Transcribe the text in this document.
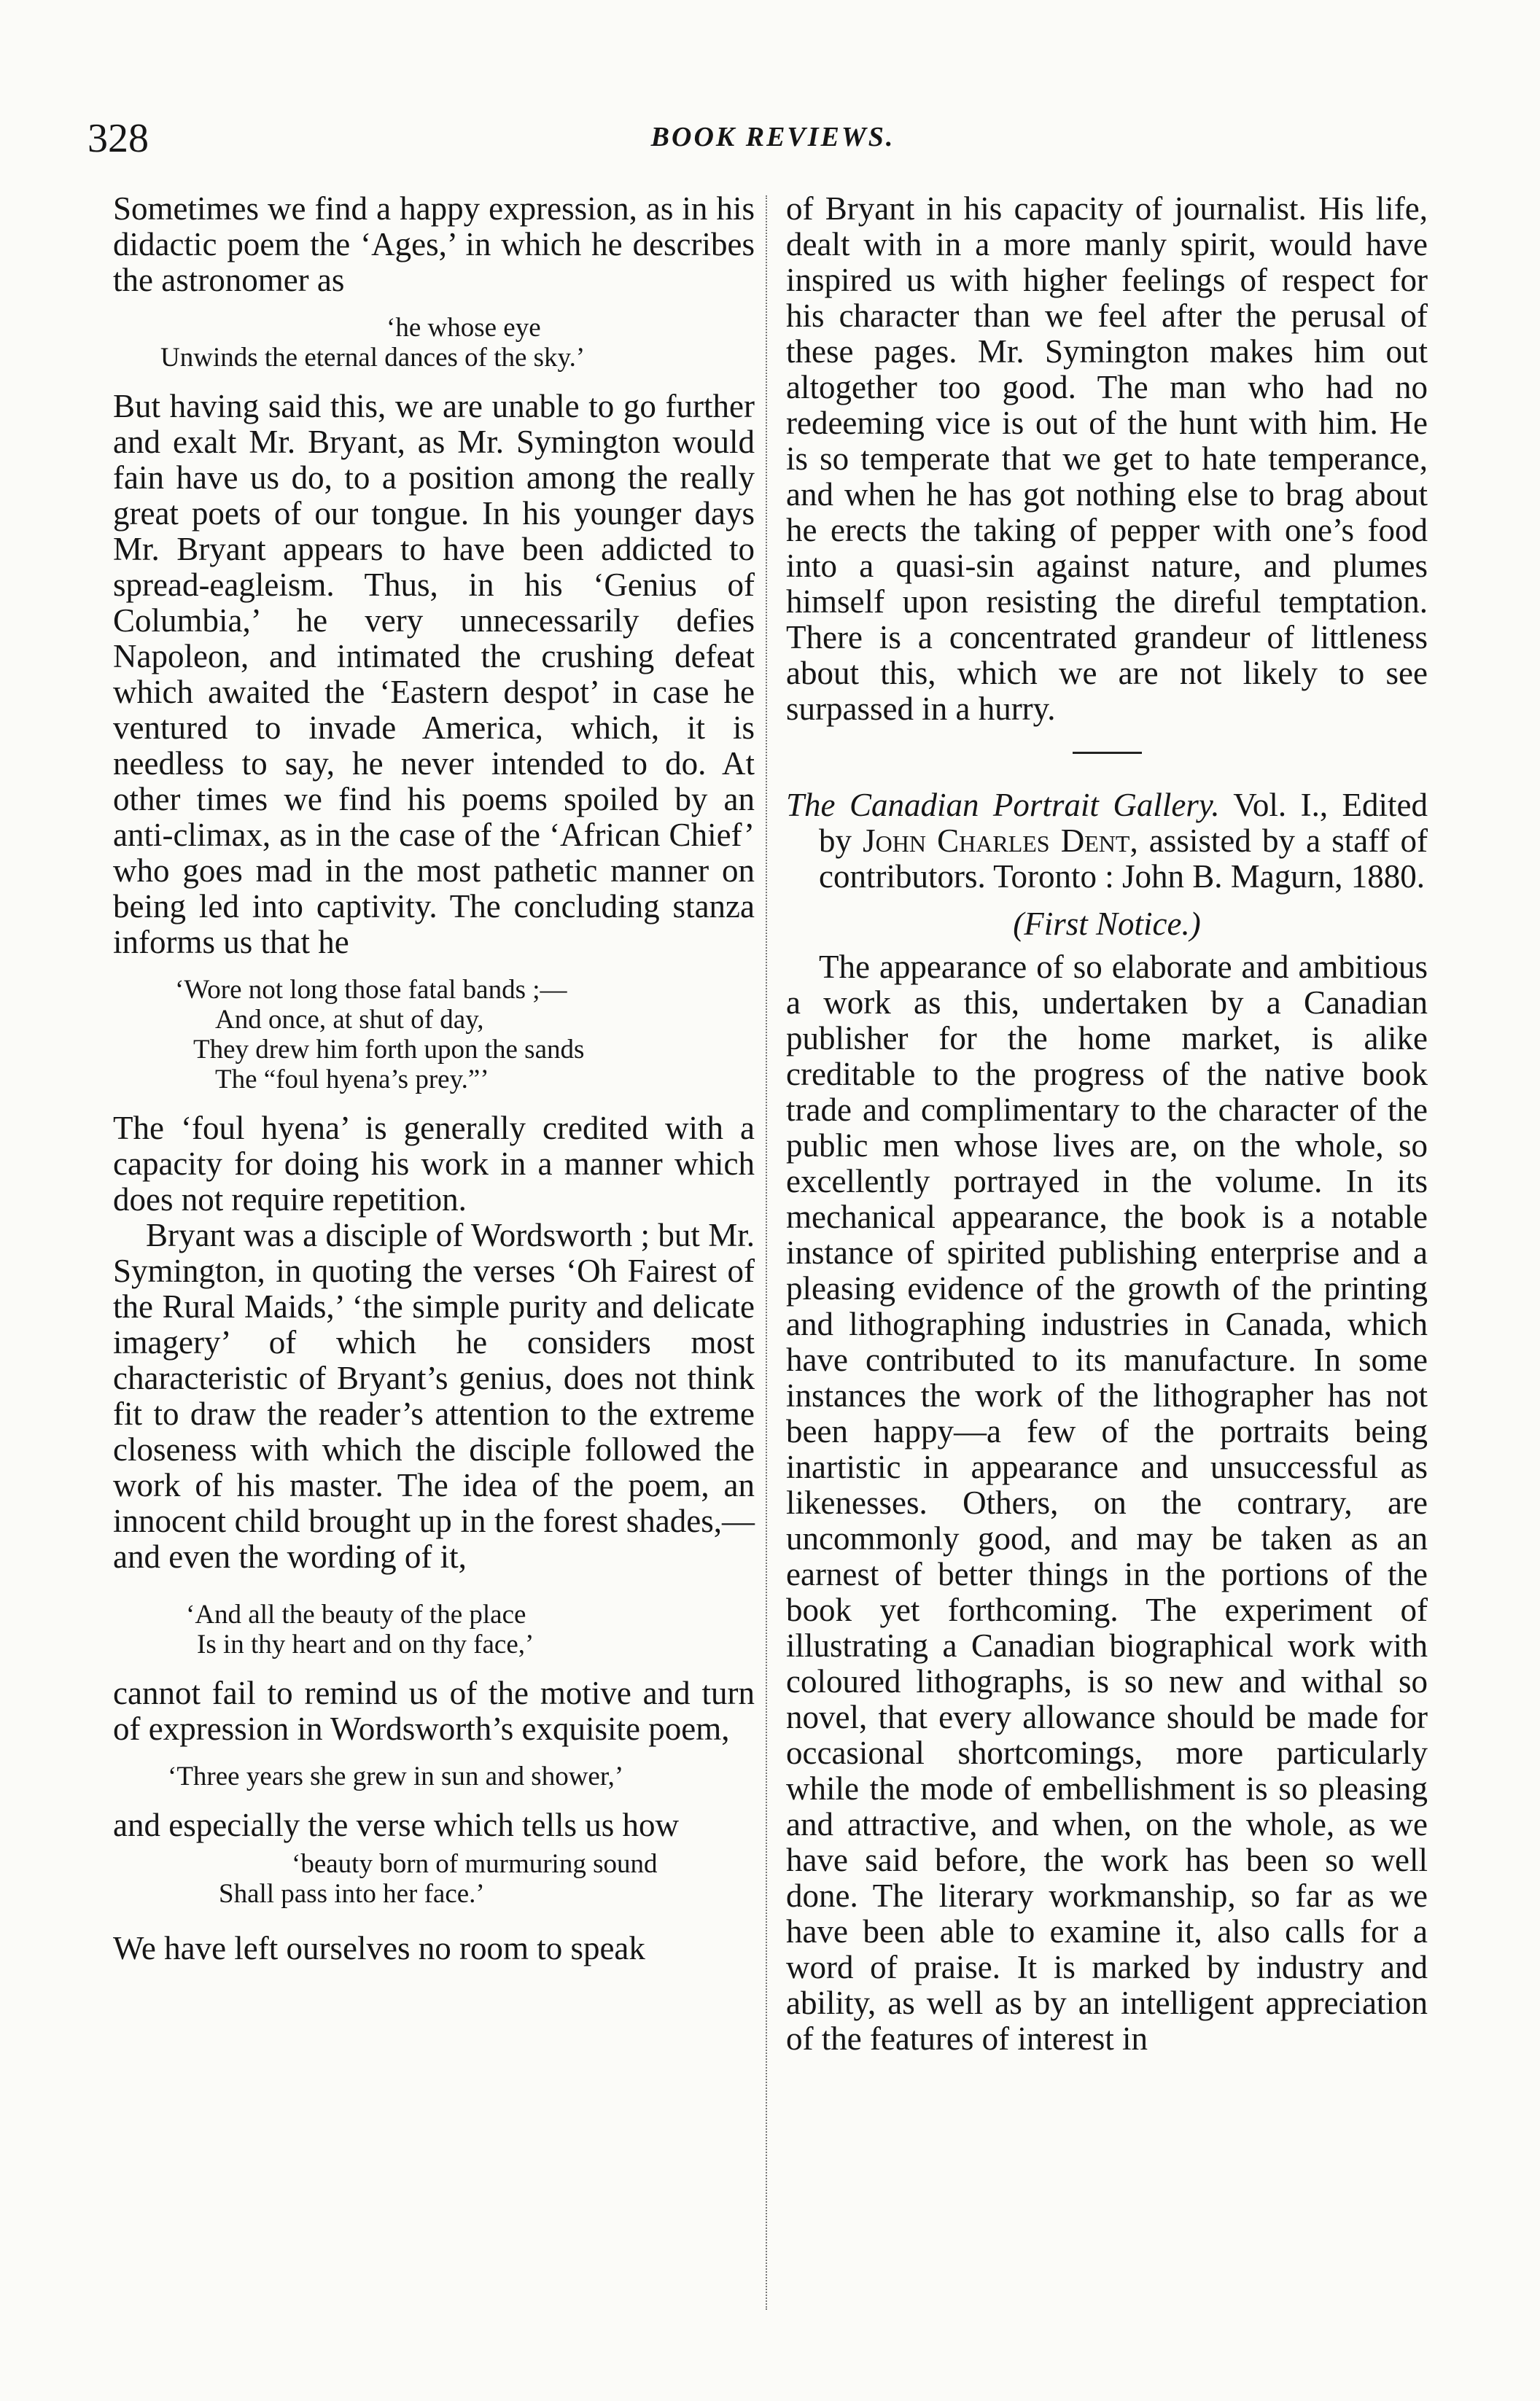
328	BOOK REVIEWS.

Sometimes we find a happy expression, as in his didactic poem the ‘Ages,’ in which he describes the astronomer as

‘he whose eye
Unwinds the eternal dances of the sky.’

But having said this, we are unable to go further and exalt Mr. Bryant, as Mr. Symington would fain have us do, to a position among the really great poets of our tongue. In his younger days Mr. Bryant appears to have been addicted to spread-eagleism. Thus, in his ‘Genius of Columbia,’ he very unnecessarily defies Napoleon, and intimated the crushing defeat which awaited the ‘Eastern despot’ in case he ventured to invade America, which, it is needless to say, he never intended to do. At other times we find his poems spoiled by an anti-climax, as in the case of the ‘African Chief’ who goes mad in the most pathetic manner on being led into captivity. The concluding stanza informs us that he

‘Wore not long those fatal bands ;—
And once, at shut of day,
They drew him forth upon the sands
The “foul hyena’s prey.”’

The ‘foul hyena’ is generally credited with a capacity for doing his work in a manner which does not require repetition.

Bryant was a disciple of Wordsworth ; but Mr. Symington, in quoting the verses ‘Oh Fairest of the Rural Maids,’ ‘the simple purity and delicate imagery’ of which he considers most characteristic of Bryant’s genius, does not think fit to draw the reader’s attention to the extreme closeness with which the disciple followed the work of his master. The idea of the poem, an innocent child brought up in the forest shades,—and even the wording of it,

‘And all the beauty of the place
Is in thy heart and on thy face,’

cannot fail to remind us of the motive and turn of expression in Wordsworth’s exquisite poem,

‘Three years she grew in sun and shower,’

and especially the verse which tells us how

‘beauty born of murmuring sound
Shall pass into her face.’

We have left ourselves no room to speak

of Bryant in his capacity of journalist. His life, dealt with in a more manly spirit, would have inspired us with higher feelings of respect for his character than we feel after the perusal of these pages. Mr. Symington makes him out altogether too good. The man who had no redeeming vice is out of the hunt with him. He is so temperate that we get to hate temperance, and when he has got nothing else to brag about he erects the taking of pepper with one’s food into a quasi-sin against nature, and plumes himself upon resisting the direful temptation. There is a concentrated grandeur of littleness about this, which we are not likely to see surpassed in a hurry.

The Canadian Portrait Gallery. Vol. I., Edited by John Charles Dent, assisted by a staff of contributors. Toronto : John B. Magurn, 1880.

(First Notice.)

The appearance of so elaborate and ambitious a work as this, undertaken by a Canadian publisher for the home market, is alike creditable to the progress of the native book trade and complimentary to the character of the public men whose lives are, on the whole, so excellently portrayed in the volume. In its mechanical appearance, the book is a notable instance of spirited publishing enterprise and a pleasing evidence of the growth of the printing and lithographing industries in Canada, which have contributed to its manufacture. In some instances the work of the lithographer has not been happy—a few of the portraits being inartistic in appearance and unsuccessful as likenesses. Others, on the contrary, are uncommonly good, and may be taken as an earnest of better things in the portions of the book yet forthcoming. The experiment of illustrating a Canadian biographical work with coloured lithographs, is so new and withal so novel, that every allowance should be made for occasional shortcomings, more particularly while the mode of embellishment is so pleasing and attractive, and when, on the whole, as we have said before, the work has been so well done. The literary workmanship, so far as we have been able to examine it, also calls for a word of praise. It is marked by industry and ability, as well as by an intelligent appreciation of the features of interest in
